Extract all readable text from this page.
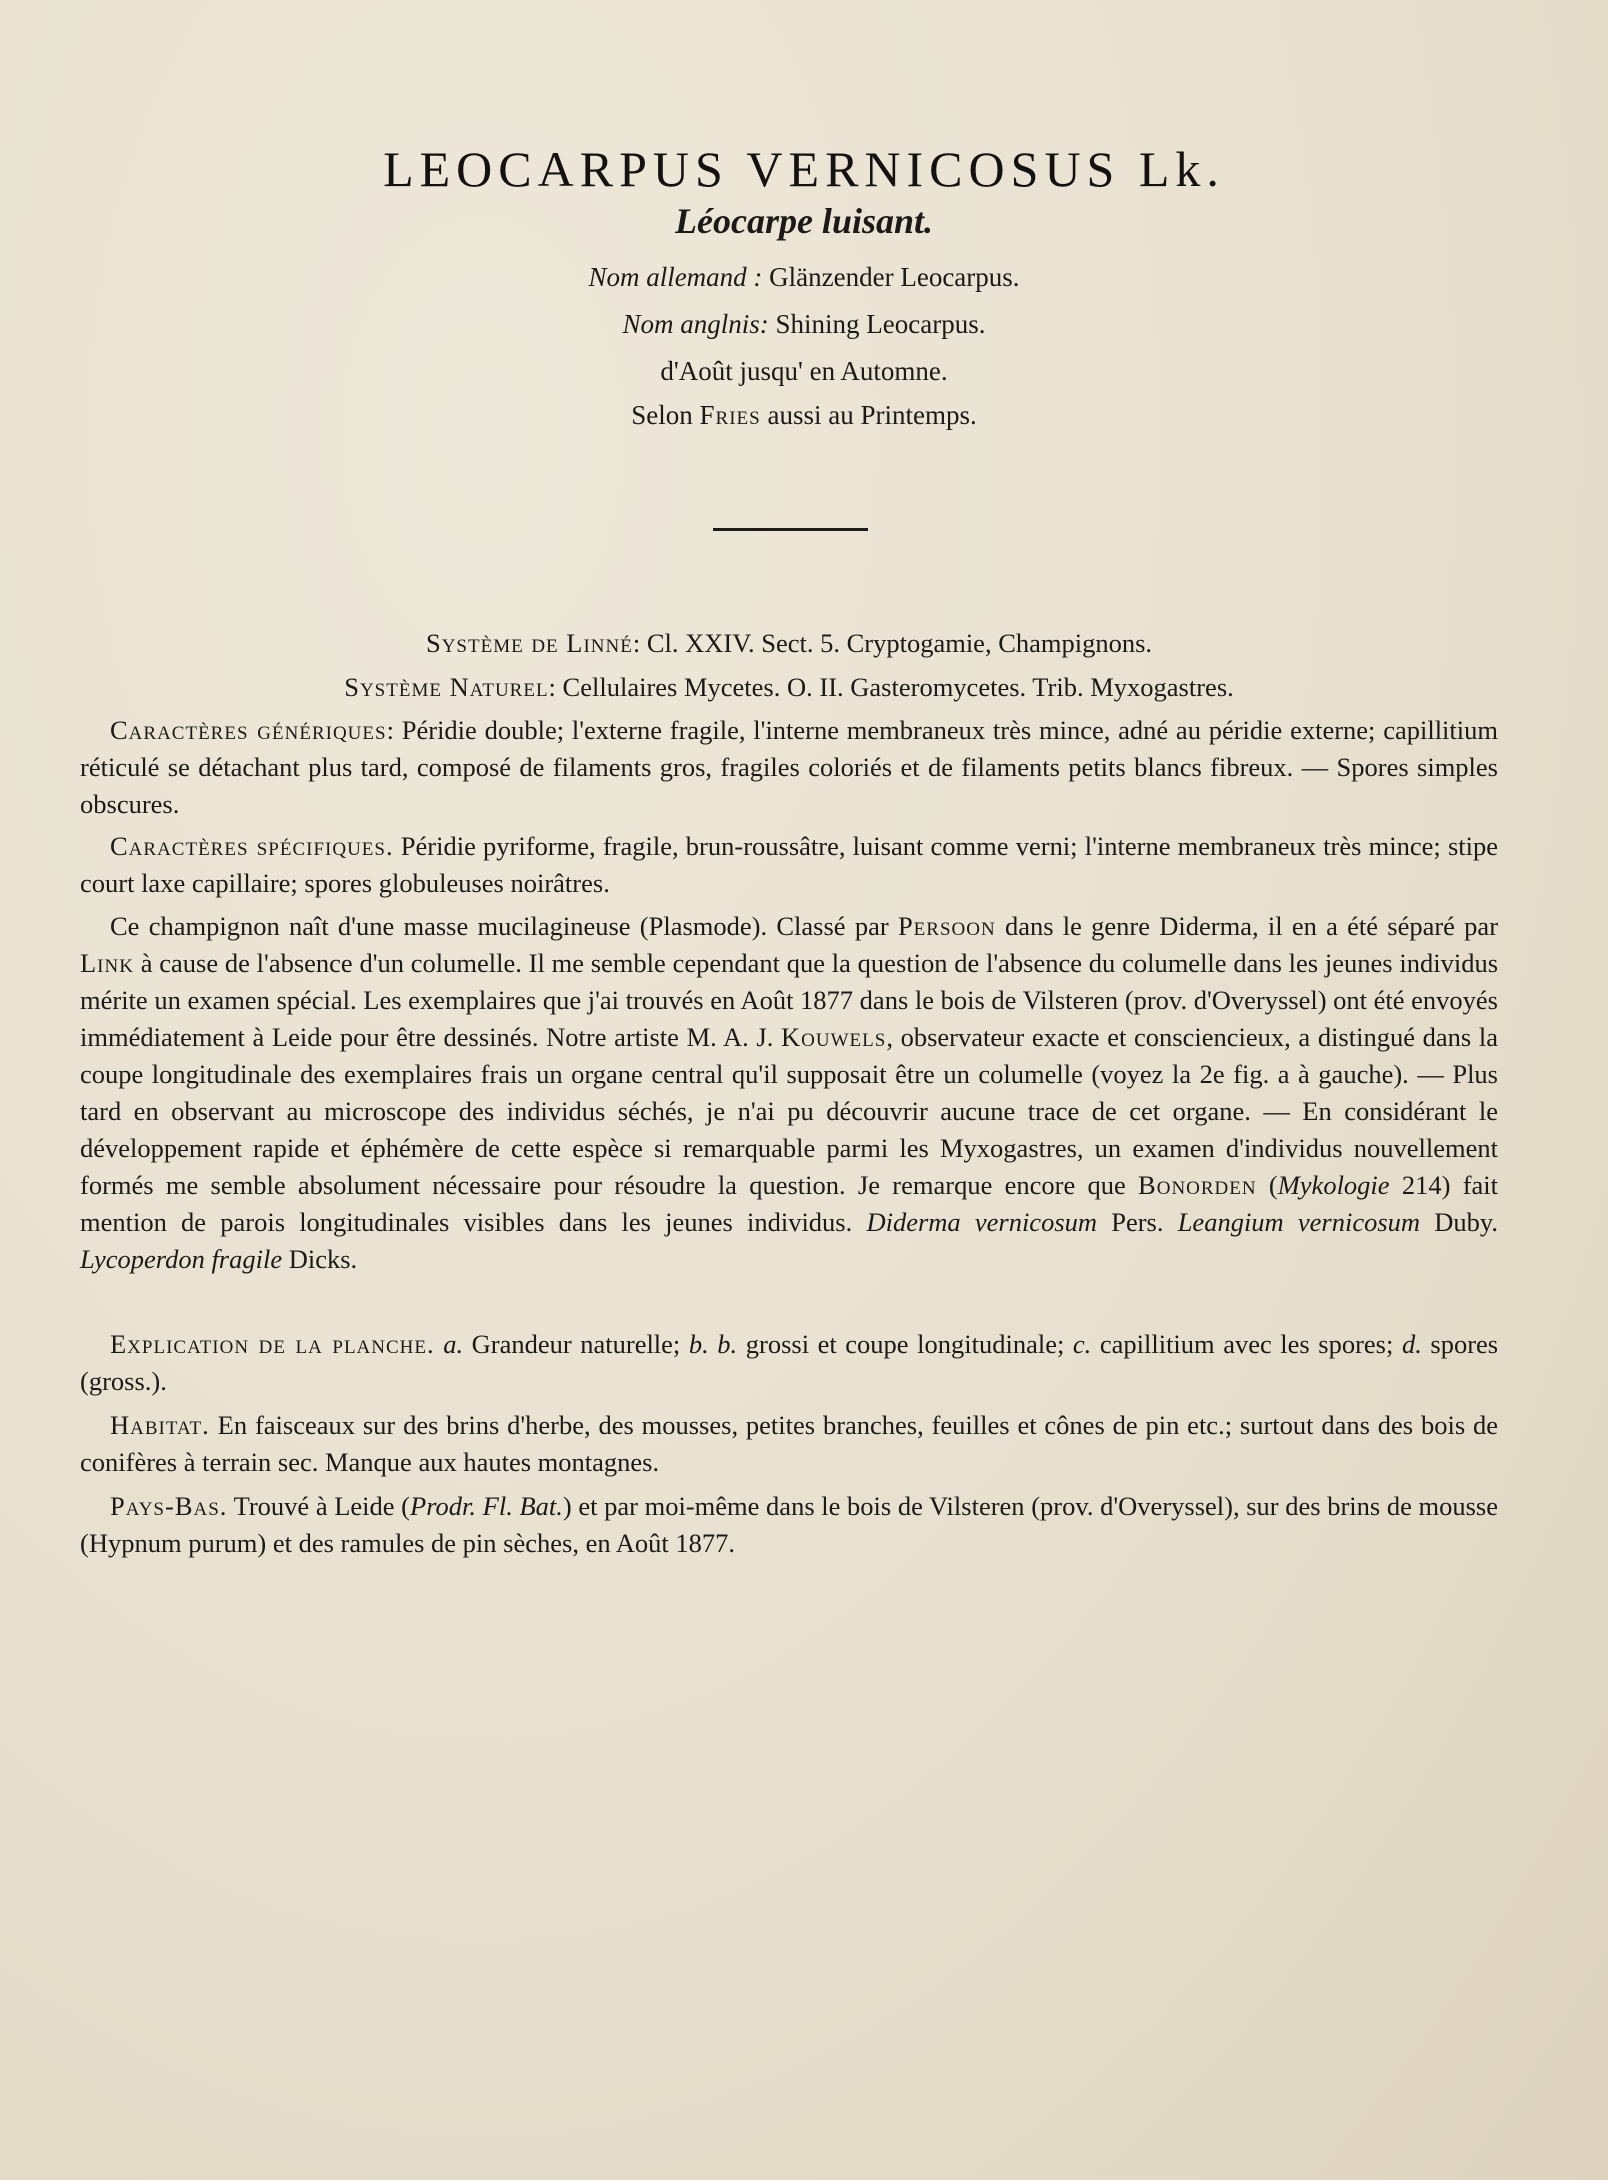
LEOCARPUS VERNICOSUS Lk.
Léocarpe luisant.
Nom allemand : Glänzender Leocarpus.
Nom anglnis: Shining Leocarpus.
d'Août jusqu' en Automne.
Selon Fries aussi au Printemps.
Système de Linné: Cl. XXIV. Sect. 5. Cryptogamie, Champignons.
Système Naturel: Cellulaires Mycetes. O. II. Gasteromycetes. Trib. Myxogastres.

Caractères génériques: Péridie double; l'externe fragile, l'interne membraneux très mince, adné au péridie externe; capillitium réticulé se détachant plus tard, composé de filaments gros, fragiles coloriés et de filaments petits blancs fibreux. — Spores simples obscures.

Caractères spécifiques. Péridie pyriforme, fragile, brun-roussâtre, luisant comme verni; l'interne membraneux très mince; stipe court laxe capillaire; spores globuleuses noirâtres.

Ce champignon naît d'une masse mucilagineuse (Plasmode). Classé par Persoon dans le genre Diderma, il en a été séparé par Link à cause de l'absence d'un columelle. Il me semble cependant que la question de l'absence du columelle dans les jeunes individus mérite un examen spécial. Les exemplaires que j'ai trouvés en Août 1877 dans le bois de Vilsteren (prov. d'Overyssel) ont été envoyés immédiatement à Leide pour être dessinés. Notre artiste M. A. J. Kouwels, observateur exacte et consciencieux, a distingué dans la coupe longitudinale des exemplaires frais un organe central qu'il supposait être un columelle (voyez la 2e fig. a à gauche). — Plus tard en observant au microscope des individus séchés, je n'ai pu découvrir aucune trace de cet organe. — En considérant le développement rapide et éphémère de cette espèce si remarquable parmi les Myxogastres, un examen d'individus nouvellement formés me semble absolument nécessaire pour résoudre la question. Je remarque encore que Bonorden (Mykologie 214) fait mention de parois longitudinales visibles dans les jeunes individus. Diderma vernicosum Pers. Leangium vernicosum Duby. Lycoperdon fragile Dicks.

Explication de la planche. a. Grandeur naturelle; b. b. grossi et coupe longitudinale; c. capillitium avec les spores; d. spores (gross.).

Habitat. En faisceaux sur des brins d'herbe, des mousses, petites branches, feuilles et cônes de pin etc.; surtout dans des bois de conifères à terrain sec. Manque aux hautes montagnes.

Pays-Bas. Trouvé à Leide (Prodr. Fl. Bat.) et par moi-même dans le bois de Vilsteren (prov. d'Overyssel), sur des brins de mousse (Hypnum purum) et des ramules de pin sèches, en Août 1877.
